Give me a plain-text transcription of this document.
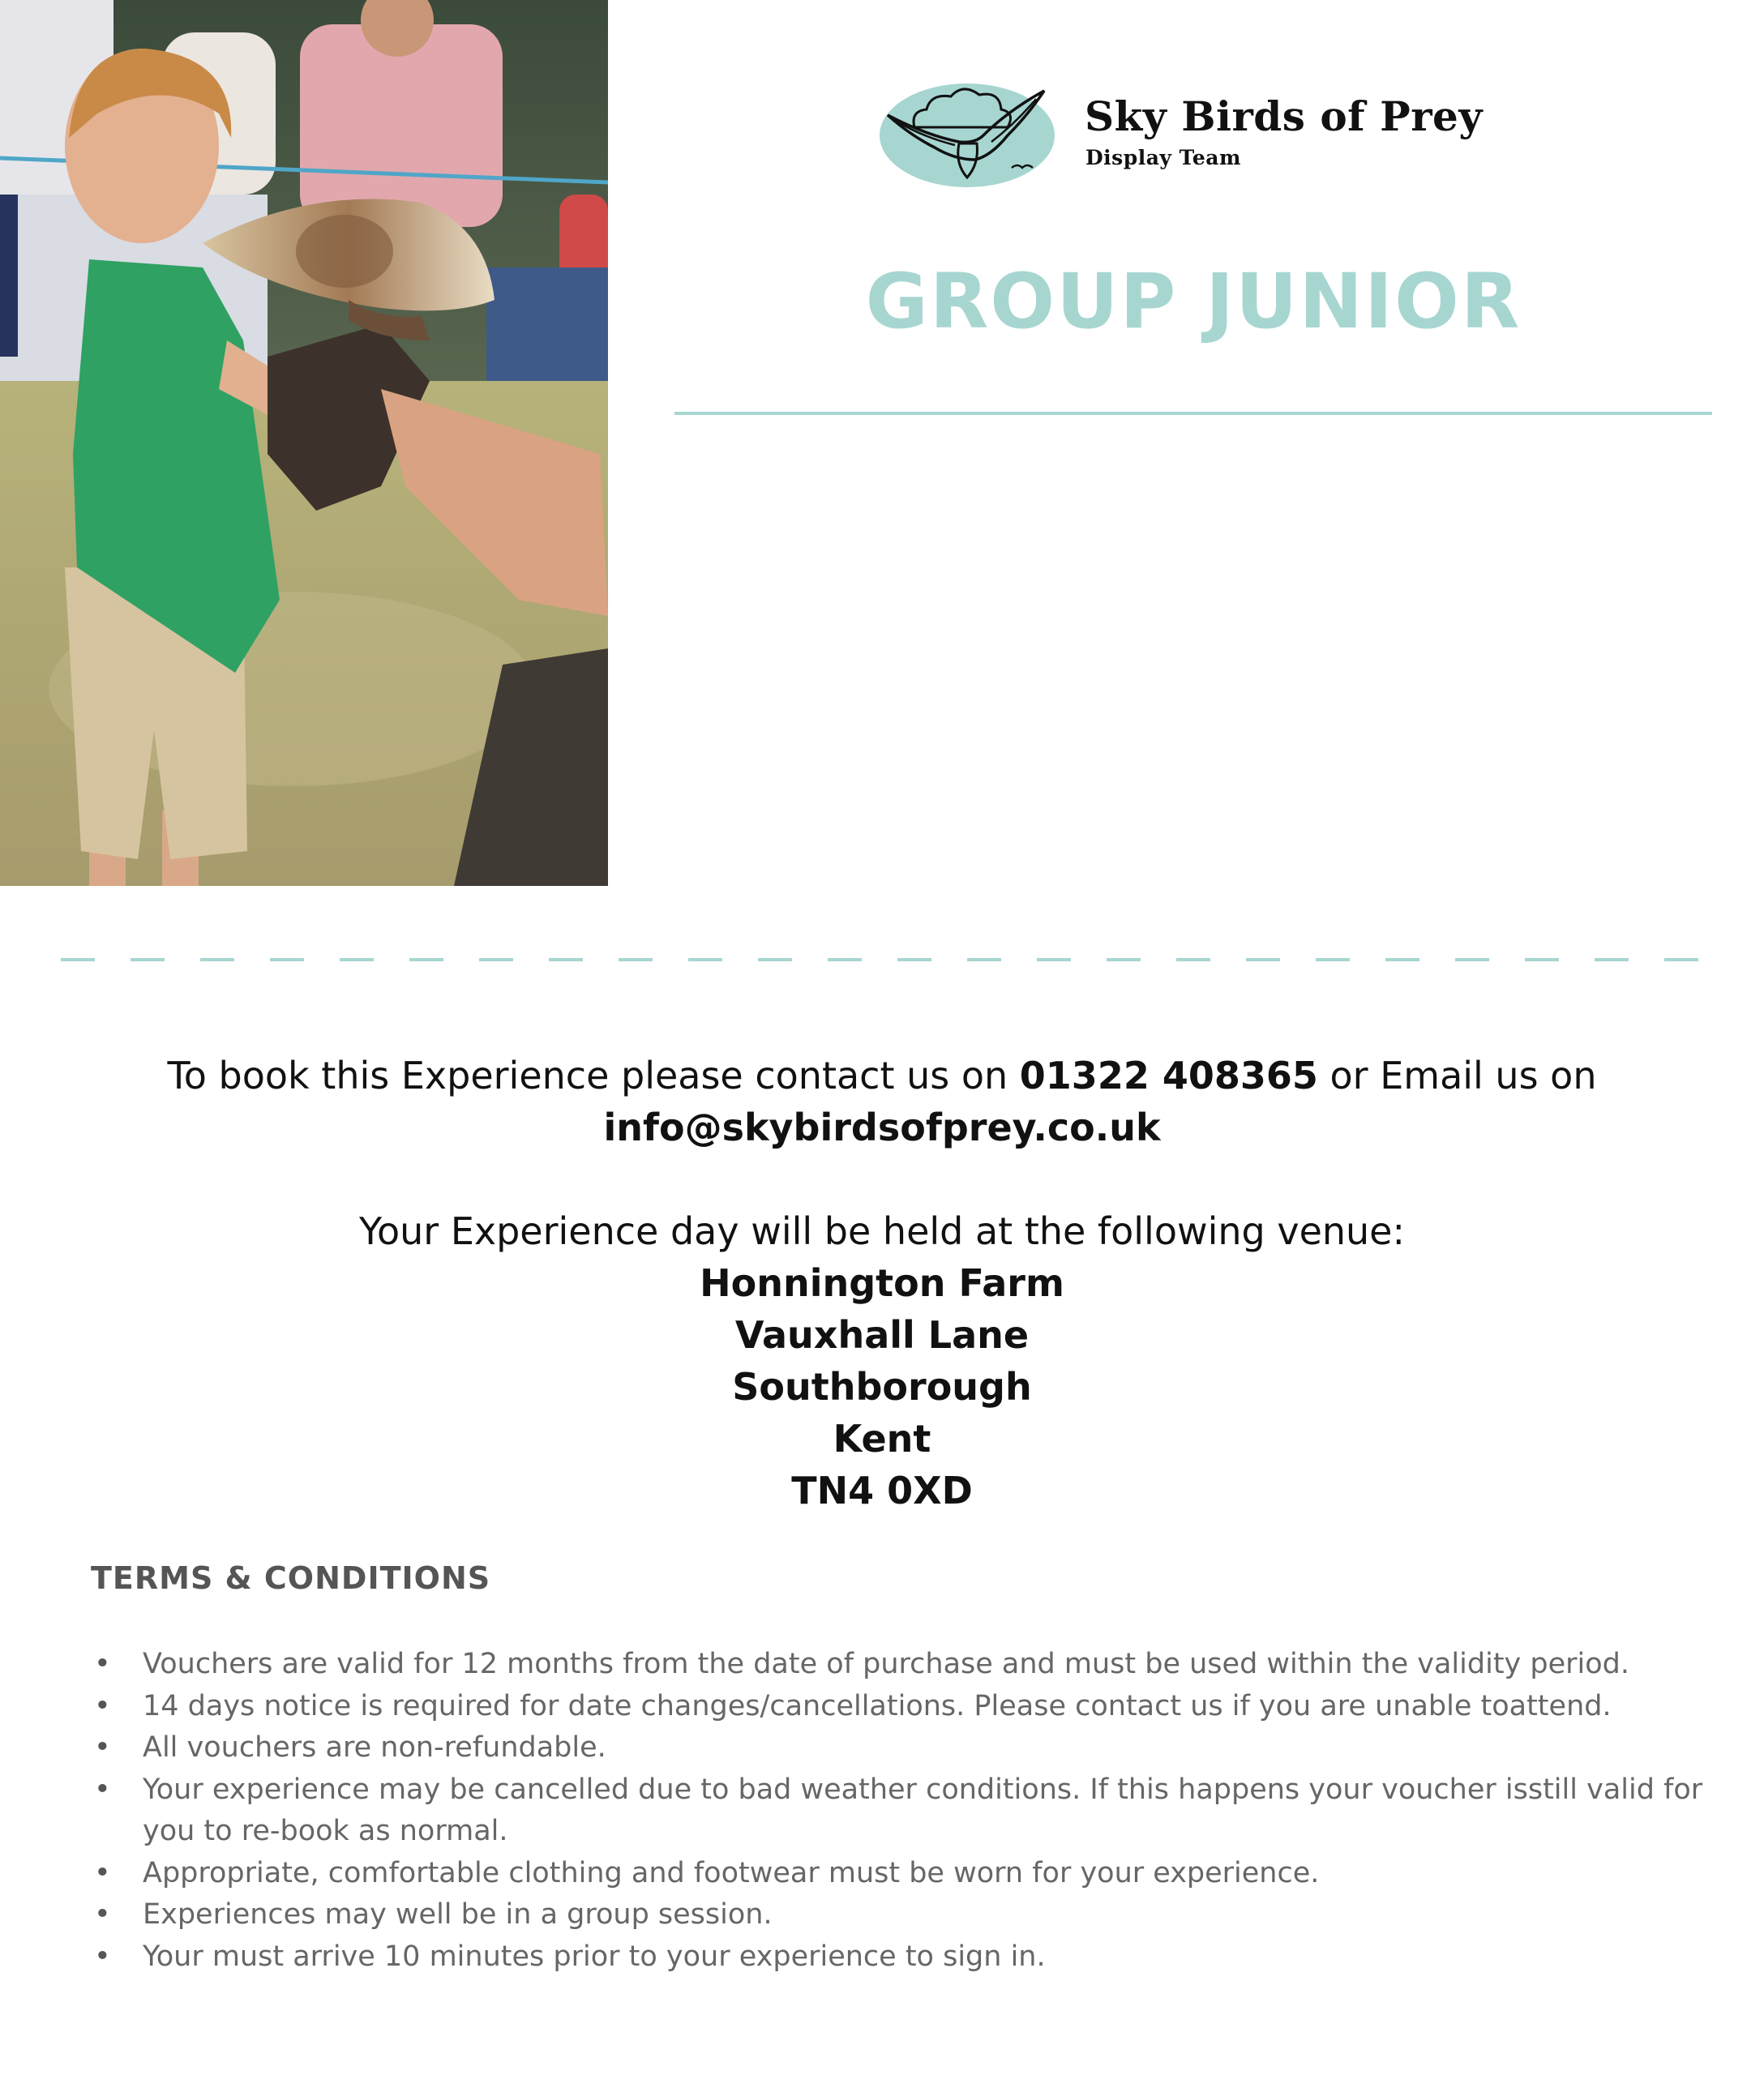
Sky Birds of Prey
Display Team
GROUP JUNIOR
To book this Experience please contact us on 01322 408365 or Email us on
info@skybirdsofprey.co.uk
Your Experience day will be held at the following venue:
Honnington Farm
Vauxhall Lane
Southborough
Kent
TN4 0XD
TERMS & CONDITIONS
• Vouchers are valid for 12 months from the date of purchase and must be used within the validity period.
• 14 days notice is required for date changes/cancellations. Please contact us if you are unable toattend.
• All vouchers are non-refundable.
• Your experience may be cancelled due to bad weather conditions. If this happens your voucher isstill valid for you to re-book as normal.
• Appropriate, comfortable clothing and footwear must be worn for your experience.
• Experiences may well be in a group session.
• Your must arrive 10 minutes prior to your experience to sign in.
